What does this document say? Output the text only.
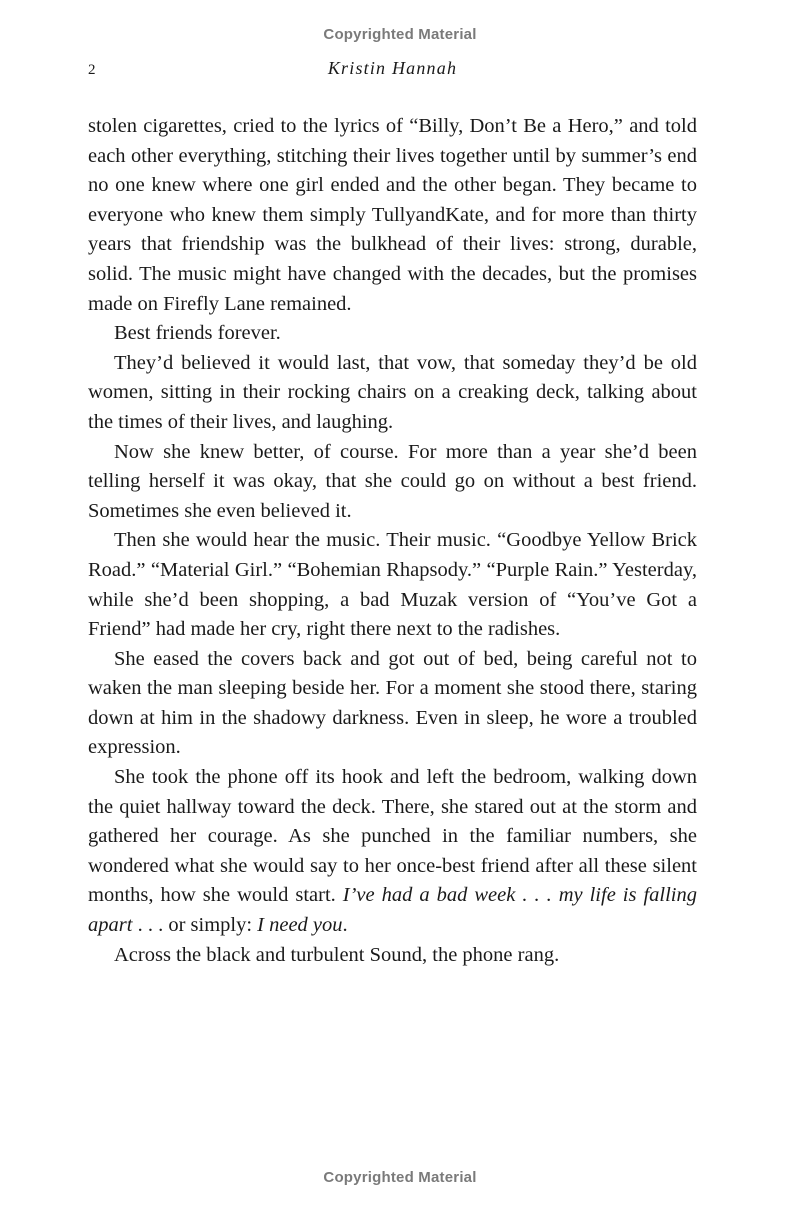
Copyrighted Material
2	Kristin Hannah

stolen cigarettes, cried to the lyrics of “Billy, Don’t Be a Hero,” and told each other everything, stitching their lives together until by summer’s end no one knew where one girl ended and the other began. They became to everyone who knew them simply TullyandKate, and for more than thirty years that friendship was the bulkhead of their lives: strong, durable, solid. The music might have changed with the decades, but the promises made on Firefly Lane remained.

Best friends forever.

They’d believed it would last, that vow, that someday they’d be old women, sitting in their rocking chairs on a creaking deck, talking about the times of their lives, and laughing.

Now she knew better, of course. For more than a year she’d been telling herself it was okay, that she could go on without a best friend. Sometimes she even believed it.

Then she would hear the music. Their music. “Goodbye Yellow Brick Road.” “Material Girl.” “Bohemian Rhapsody.” “Purple Rain.” Yesterday, while she’d been shopping, a bad Muzak version of “You’ve Got a Friend” had made her cry, right there next to the radishes.

She eased the covers back and got out of bed, being careful not to waken the man sleeping beside her. For a moment she stood there, staring down at him in the shadowy darkness. Even in sleep, he wore a troubled expression.

She took the phone off its hook and left the bedroom, walking down the quiet hallway toward the deck. There, she stared out at the storm and gathered her courage. As she punched in the familiar numbers, she wondered what she would say to her once-best friend after all these silent months, how she would start. I’ve had a bad week . . . my life is falling apart . . . or simply: I need you.

Across the black and turbulent Sound, the phone rang.

Copyrighted Material
